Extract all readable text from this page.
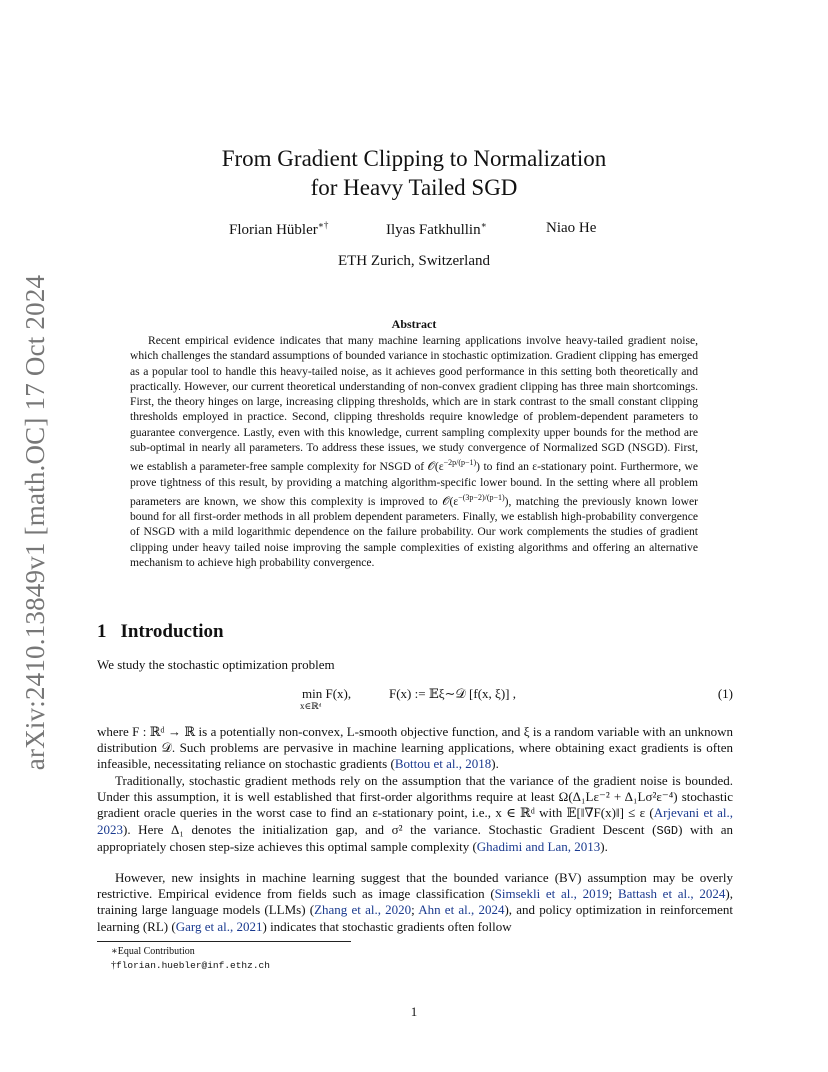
arXiv:2410.13849v1 [math.OC] 17 Oct 2024
From Gradient Clipping to Normalization
for Heavy Tailed SGD
Florian Hübler∗†	Ilyas Fatkhullin∗	Niao He
ETH Zurich, Switzerland
Abstract

Recent empirical evidence indicates that many machine learning applications involve heavy-tailed gradient noise, which challenges the standard assumptions of bounded variance in stochastic optimization. Gradient clipping has emerged as a popular tool to handle this heavy-tailed noise, as it achieves good performance in this setting both theoretically and practically. However, our current theoretical understanding of non-convex gradient clipping has three main shortcomings. First, the theory hinges on large, increasing clipping thresholds, which are in stark contrast to the small constant clipping thresholds employed in practice. Second, clipping thresholds require knowledge of problem-dependent parameters to guarantee convergence. Lastly, even with this knowledge, current sampling complexity upper bounds for the method are sub-optimal in nearly all parameters. To address these issues, we study convergence of Normalized SGD (NSGD). First, we establish a parameter-free sample complexity for NSGD of $𝒪(\varepsilon^{-2p/(p-1)})$ to find an ε-stationary point. Furthermore, we prove tightness of this result, by providing a matching algorithm-specific lower bound. In the setting where all problem parameters are known, we show this complexity is improved to $𝒪(\varepsilon^{-(3p-2)/(p-1)})$, matching the previously known lower bound for all first-order methods in all problem dependent parameters. Finally, we establish high-probability convergence of NSGD with a mild logarithmic dependence on the failure probability. Our work complements the studies of gradient clipping under heavy tailed noise improving the sample complexities of existing algorithms and offering an alternative mechanism to achieve high probability convergence.

1 Introduction

We study the stochastic optimization problem

min F(x),
x∈ℝᵈ
F(x) := 𝔼ξ∼𝒟 [f(x, ξ)] ,	(1)

where F : ℝᵈ → ℝ is a potentially non-convex, L-smooth objective function, and ξ is a random variable with an unknown distribution 𝒟. Such problems are pervasive in machine learning applications, where obtaining exact gradients is often infeasible, necessitating reliance on stochastic gradients (Bottou et al., 2018).

Traditionally, stochastic gradient methods rely on the assumption that the variance of the gradient noise is bounded. Under this assumption, it is well established that first-order algorithms require at least Ω(Δ₁Lε⁻² + Δ₁Lσ²ε⁻⁴) stochastic gradient oracle queries in the worst case to find an ε-stationary point, i.e., x ∈ ℝᵈ with 𝔼[‖∇F(x)‖] ≤ ε (Arjevani et al., 2023). Here Δ₁ denotes the initialization gap, and σ² the variance. Stochastic Gradient Descent (SGD) with an appropriately chosen step-size achieves this optimal sample complexity (Ghadimi and Lan, 2013).

However, new insights in machine learning suggest that the bounded variance (BV) assumption may be overly restrictive. Empirical evidence from fields such as image classification (Simsekli et al., 2019; Battash et al., 2024), training large language models (LLMs) (Zhang et al., 2020; Ahn et al., 2024), and policy optimization in reinforcement learning (RL) (Garg et al., 2021) indicates that stochastic gradients often follow

∗Equal Contribution
†florian.huebler@inf.ethz.ch
1
